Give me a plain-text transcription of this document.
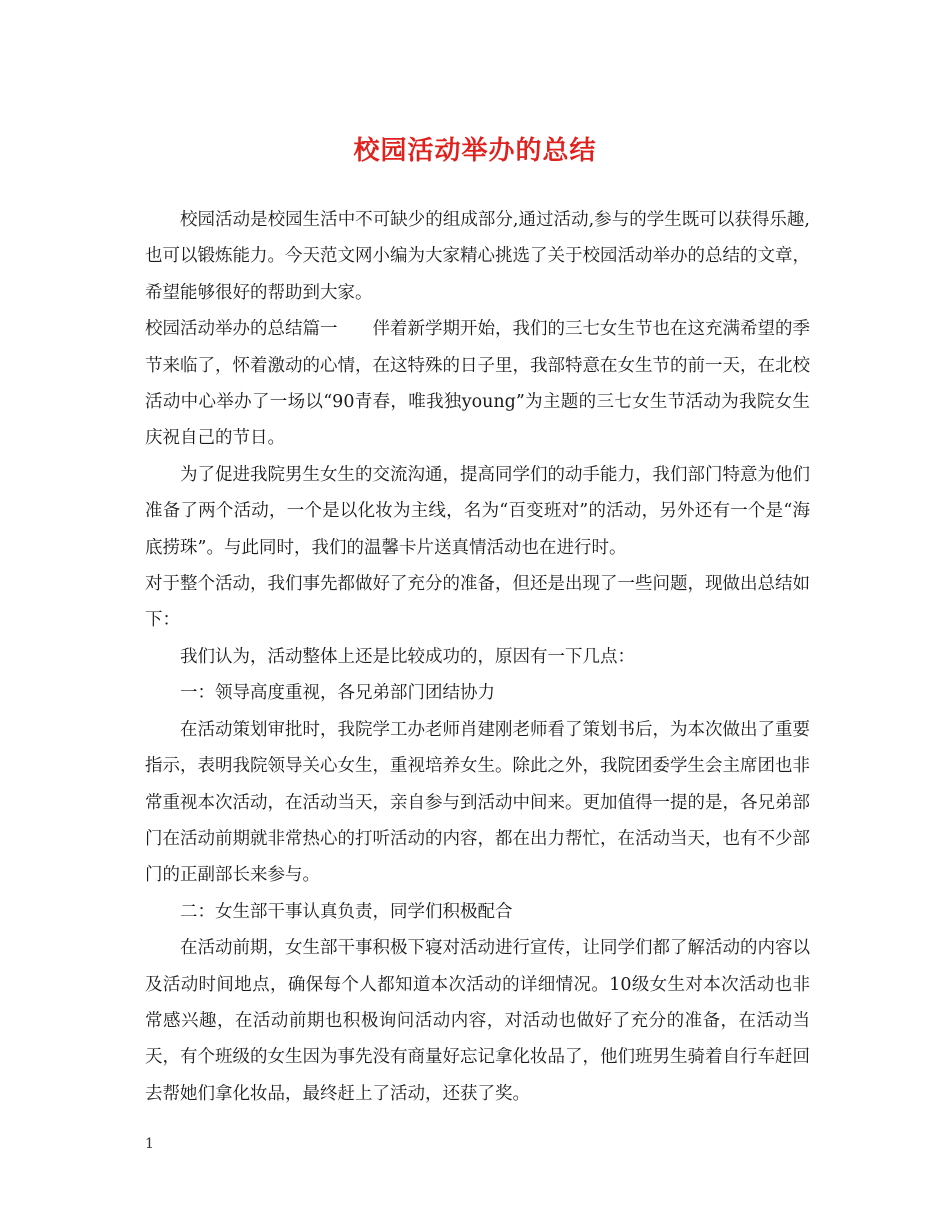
校园活动举办的总结

校园活动是校园生活中不可缺少的组成部分,通过活动,参与的学生既可以获得乐趣,也可以锻炼能力。今天范文网小编为大家精心挑选了关于校园活动举办的总结的文章，希望能够很好的帮助到大家。

校园活动举办的总结篇一　　伴着新学期开始，我们的三七女生节也在这充满希望的季节来临了，怀着激动的心情，在这特殊的日子里，我部特意在女生节的前一天，在北校活动中心举办了一场以“90青春，唯我独young”为主题的三七女生节活动为我院女生庆祝自己的节日。

为了促进我院男生女生的交流沟通，提高同学们的动手能力，我们部门特意为他们准备了两个活动，一个是以化妆为主线，名为“百变班对”的活动，另外还有一个是“海底捞珠”。与此同时，我们的温馨卡片送真情活动也在进行时。

对于整个活动，我们事先都做好了充分的准备，但还是出现了一些问题，现做出总结如下：

我们认为，活动整体上还是比较成功的，原因有一下几点：

一：领导高度重视，各兄弟部门团结协力

在活动策划审批时，我院学工办老师肖建刚老师看了策划书后，为本次做出了重要指示，表明我院领导关心女生，重视培养女生。除此之外，我院团委学生会主席团也非常重视本次活动，在活动当天，亲自参与到活动中间来。更加值得一提的是，各兄弟部门在活动前期就非常热心的打听活动的内容，都在出力帮忙，在活动当天，也有不少部门的正副部长来参与。

二：女生部干事认真负责，同学们积极配合

在活动前期，女生部干事积极下寝对活动进行宣传，让同学们都了解活动的内容以及活动时间地点，确保每个人都知道本次活动的详细情况。10级女生对本次活动也非常感兴趣，在活动前期也积极询问活动内容，对活动也做好了充分的准备，在活动当天，有个班级的女生因为事先没有商量好忘记拿化妆品了，他们班男生骑着自行车赶回去帮她们拿化妆品，最终赶上了活动，还获了奖。

1
